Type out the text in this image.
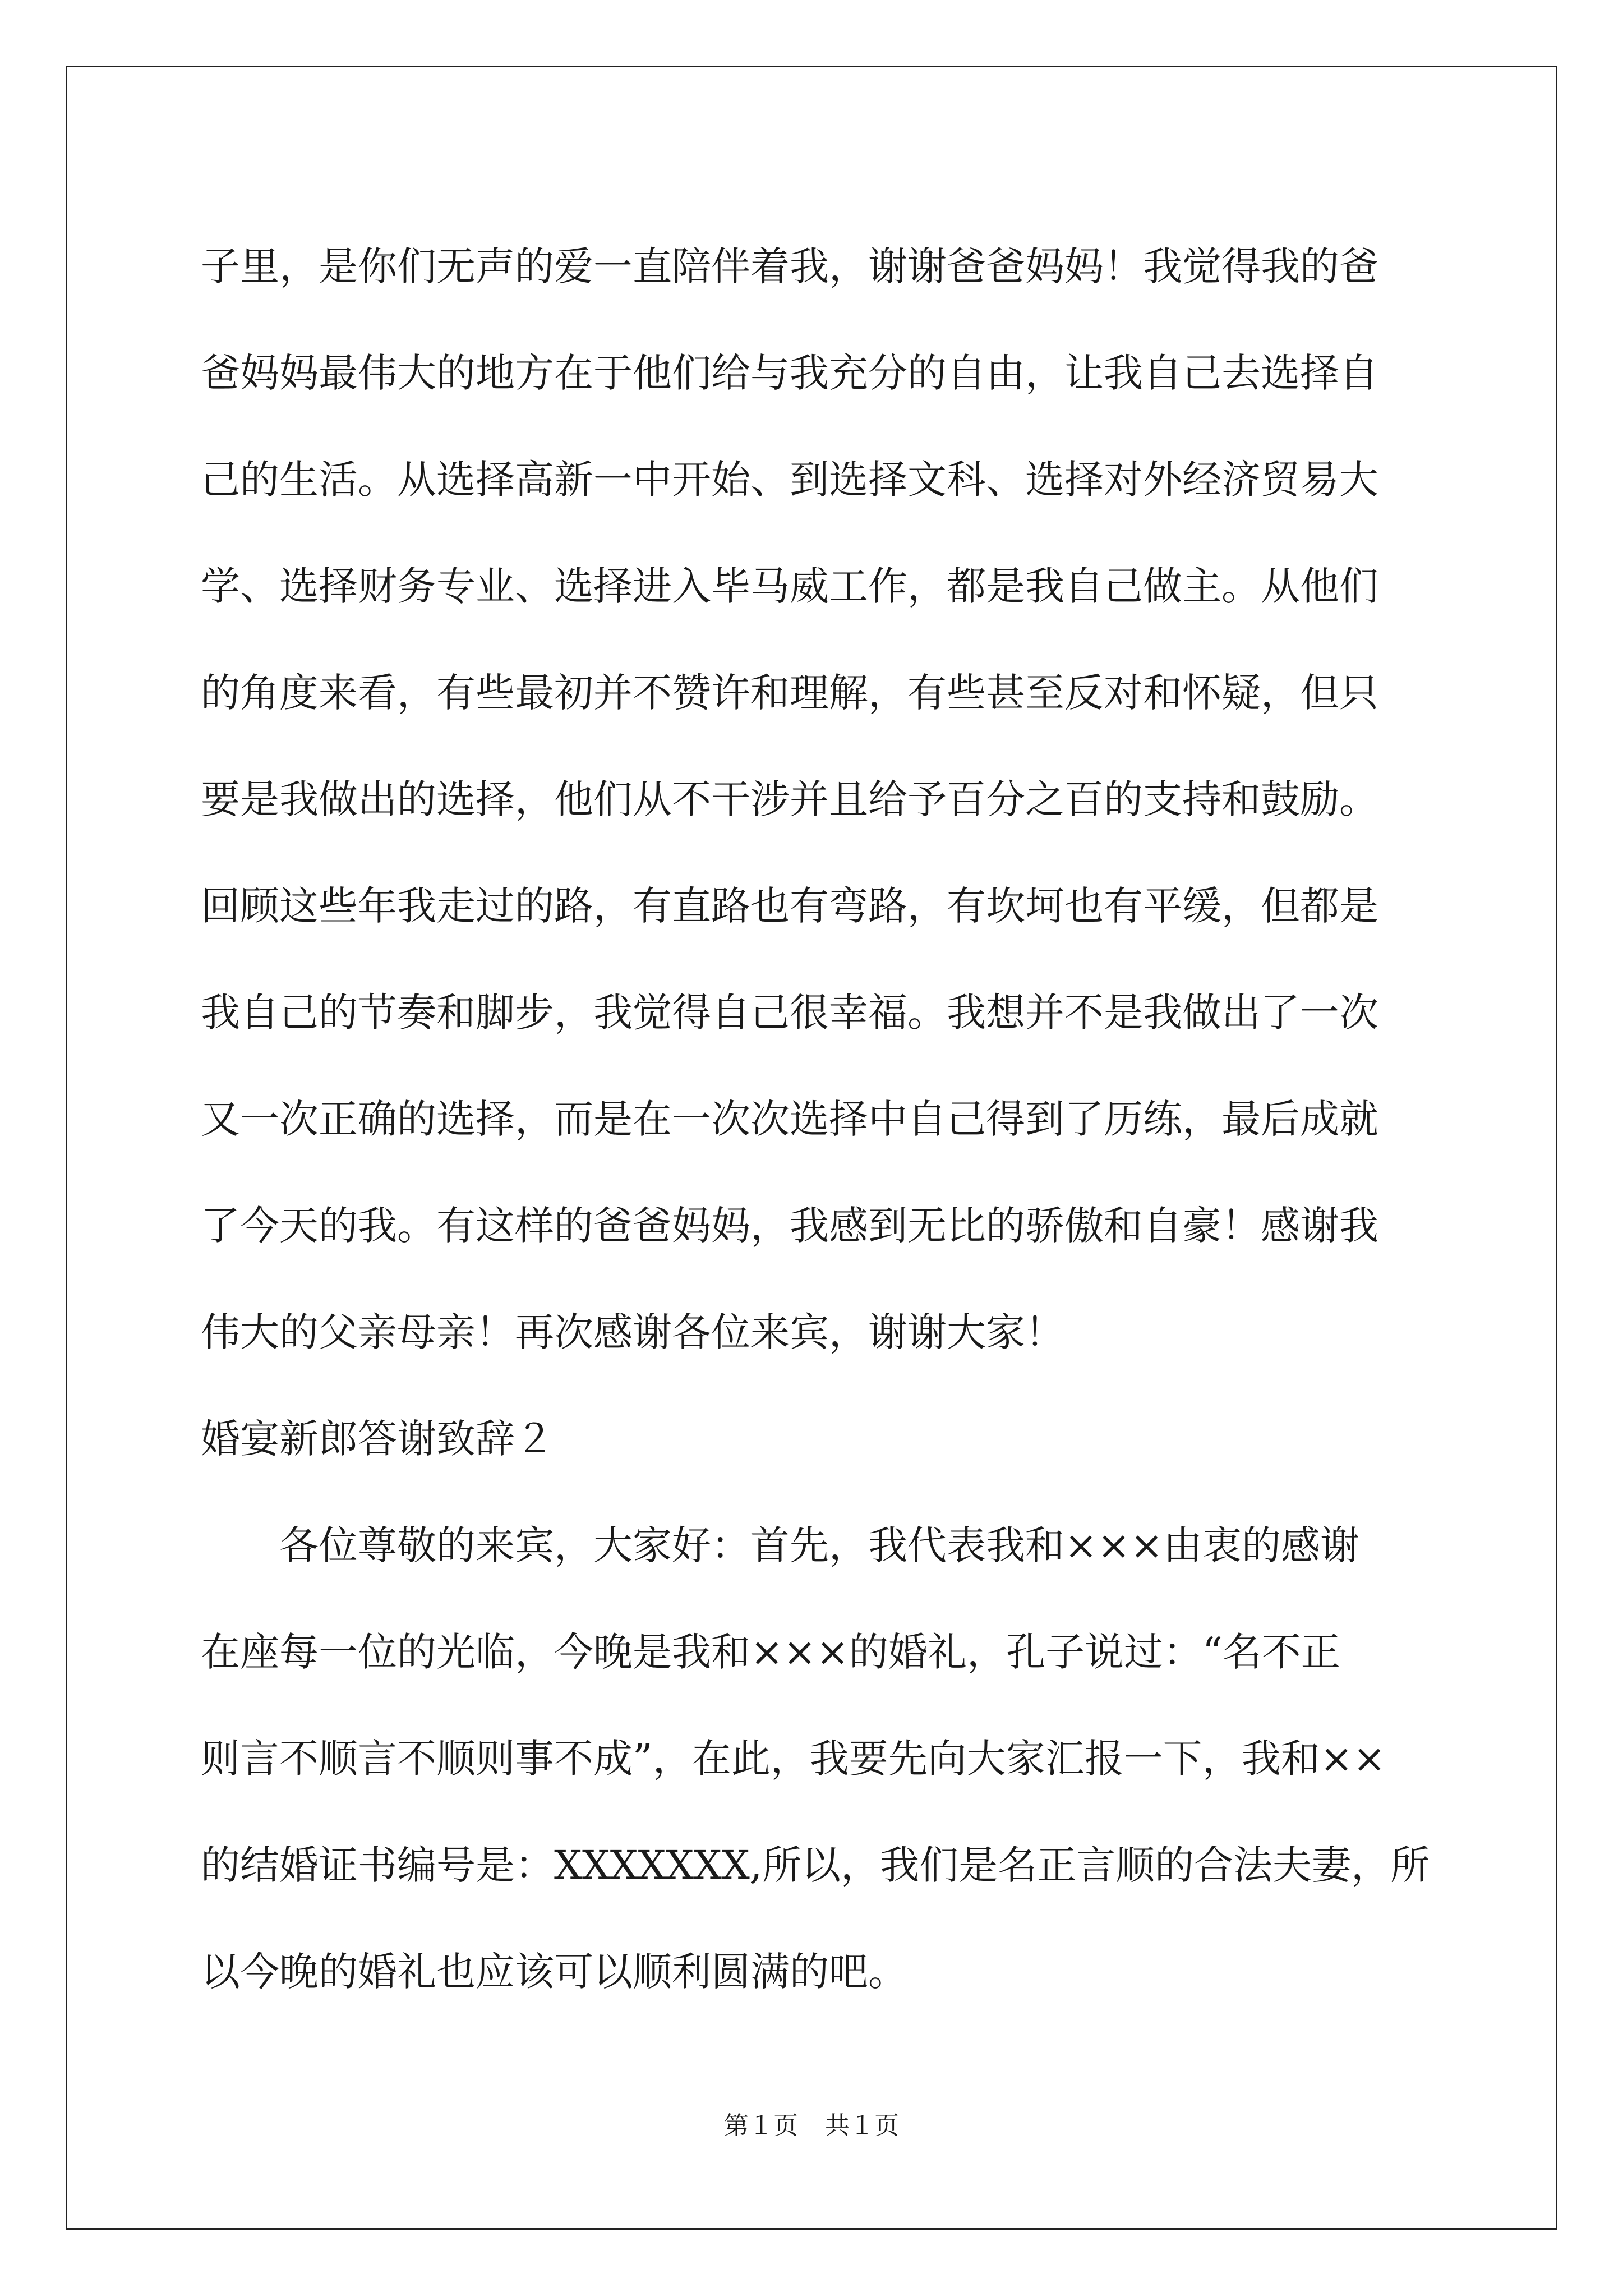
子里，是你们无声的爱一直陪伴着我，谢谢爸爸妈妈！我觉得我的爸
爸妈妈最伟大的地方在于他们给与我充分的自由，让我自己去选择自
己的生活。从选择高新一中开始、到选择文科、选择对外经济贸易大
学、选择财务专业、选择进入毕马威工作，都是我自己做主。从他们
的角度来看，有些最初并不赞许和理解，有些甚至反对和怀疑，但只
要是我做出的选择，他们从不干涉并且给予百分之百的支持和鼓励。
回顾这些年我走过的路，有直路也有弯路，有坎坷也有平缓，但都是
我自己的节奏和脚步，我觉得自己很幸福。我想并不是我做出了一次
又一次正确的选择，而是在一次次选择中自己得到了历练，最后成就
了今天的我。有这样的爸爸妈妈，我感到无比的骄傲和自豪！感谢我
伟大的父亲母亲！再次感谢各位来宾，谢谢大家！
婚宴新郎答谢致辞２
各位尊敬的来宾，大家好：首先，我代表我和×××由衷的感谢
在座每一位的光临，今晚是我和×××的婚礼，孔子说过：“名不正
则言不顺言不顺则事不成”，在此，我要先向大家汇报一下，我和××
的结婚证书编号是：XXXXXXX,所以，我们是名正言顺的合法夫妻，所
以今晚的婚礼也应该可以顺利圆满的吧。
第１页 共１页
